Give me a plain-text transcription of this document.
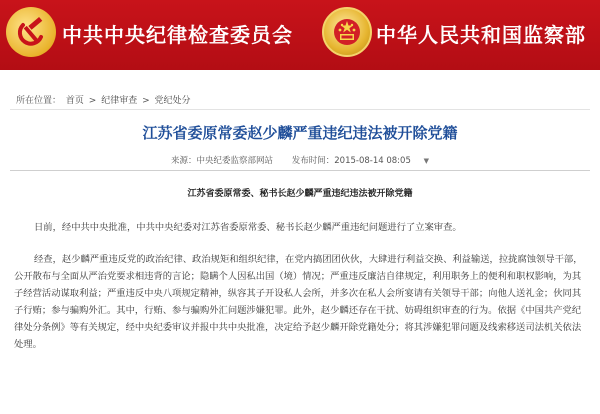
中共中央纪律检查委员会	中华人民共和国监察部
所在位置： 首页 > 纪律审查 > 党纪处分
江苏省委原常委赵少麟严重违纪违法被开除党籍
来源：中央纪委监察部网站 发布时间：2015-08-14 08:05 ▼
江苏省委原常委、秘书长赵少麟严重违纪违法被开除党籍

日前，经中共中央批准，中共中央纪委对江苏省委原常委、秘书长赵少麟严重违纪问题进行了立案审查。

经查，赵少麟严重违反党的政治纪律、政治规矩和组织纪律，在党内搞团团伙伙，大肆进行利益交换、利益输送，拉拢腐蚀领导干部，公开散布与全面从严治党要求相违背的言论；隐瞒个人因私出国（境）情况；严重违反廉洁自律规定，利用职务上的便利和职权影响，为其子经营活动谋取利益；严重违反中央八项规定精神，纵容其子开设私人会所，并多次在私人会所宴请有关领导干部；向他人送礼金；伙同其子行贿；参与骗购外汇。其中，行贿、参与骗购外汇问题涉嫌犯罪。此外，赵少麟还存在干扰、妨碍组织审查的行为。依据《中国共产党纪律处分条例》等有关规定，经中央纪委审议并报中共中央批准，决定给予赵少麟开除党籍处分；将其涉嫌犯罪问题及线索移送司法机关依法处理。
